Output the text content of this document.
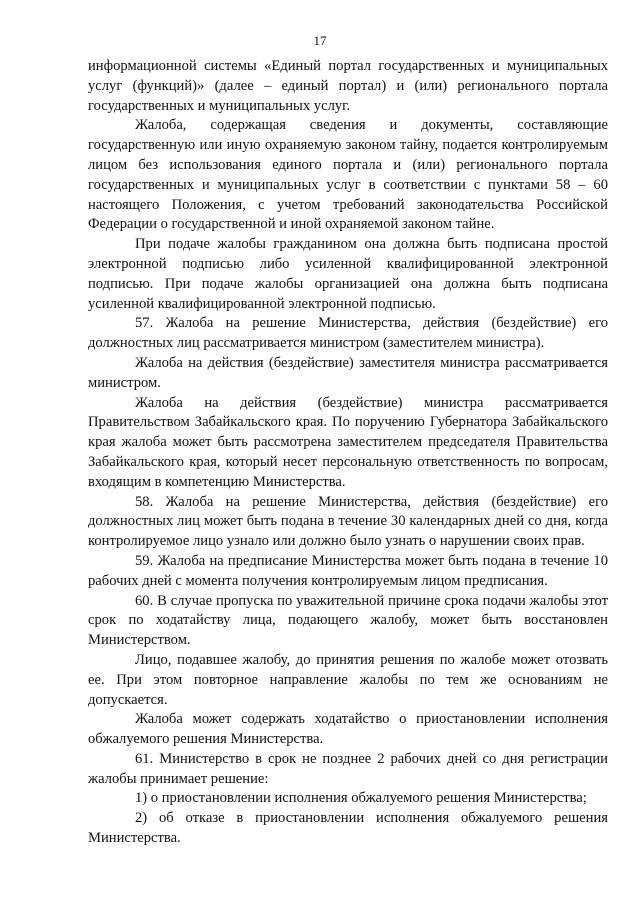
17

информационной системы «Единый портал государственных и муниципальных услуг (функций)» (далее – единый портал) и (или) регионального портала государственных и муниципальных услуг.

Жалоба, содержащая сведения и документы, составляющие государственную или иную охраняемую законом тайну, подается контролируемым лицом без использования единого портала и (или) регионального портала государственных и муниципальных услуг в соответствии с пунктами 58 – 60 настоящего Положения, с учетом требований законодательства Российской Федерации о государственной и иной охраняемой законом тайне.

При подаче жалобы гражданином она должна быть подписана простой электронной подписью либо усиленной квалифицированной электронной подписью. При подаче жалобы организацией она должна быть подписана усиленной квалифицированной электронной подписью.

57. Жалоба на решение Министерства, действия (бездействие) его должностных лиц рассматривается министром (заместителем министра).

Жалоба на действия (бездействие) заместителя министра рассматривается министром.

Жалоба на действия (бездействие) министра рассматривается Правительством Забайкальского края. По поручению Губернатора Забайкальского края жалоба может быть рассмотрена заместителем председателя Правительства Забайкальского края, который несет персональную ответственность по вопросам, входящим в компетенцию Министерства.

58. Жалоба на решение Министерства, действия (бездействие) его должностных лиц может быть подана в течение 30 календарных дней со дня, когда контролируемое лицо узнало или должно было узнать о нарушении своих прав.

59. Жалоба на предписание Министерства может быть подана в течение 10 рабочих дней с момента получения контролируемым лицом предписания.

60. В случае пропуска по уважительной причине срока подачи жалобы этот срок по ходатайству лица, подающего жалобу, может быть восстановлен Министерством.

Лицо, подавшее жалобу, до принятия решения по жалобе может отозвать ее. При этом повторное направление жалобы по тем же основаниям не допускается.

Жалоба может содержать ходатайство о приостановлении исполнения обжалуемого решения Министерства.

61. Министерство в срок не позднее 2 рабочих дней со дня регистрации жалобы принимает решение:

1) о приостановлении исполнения обжалуемого решения Министерства;

2) об отказе в приостановлении исполнения обжалуемого решения Министерства.
